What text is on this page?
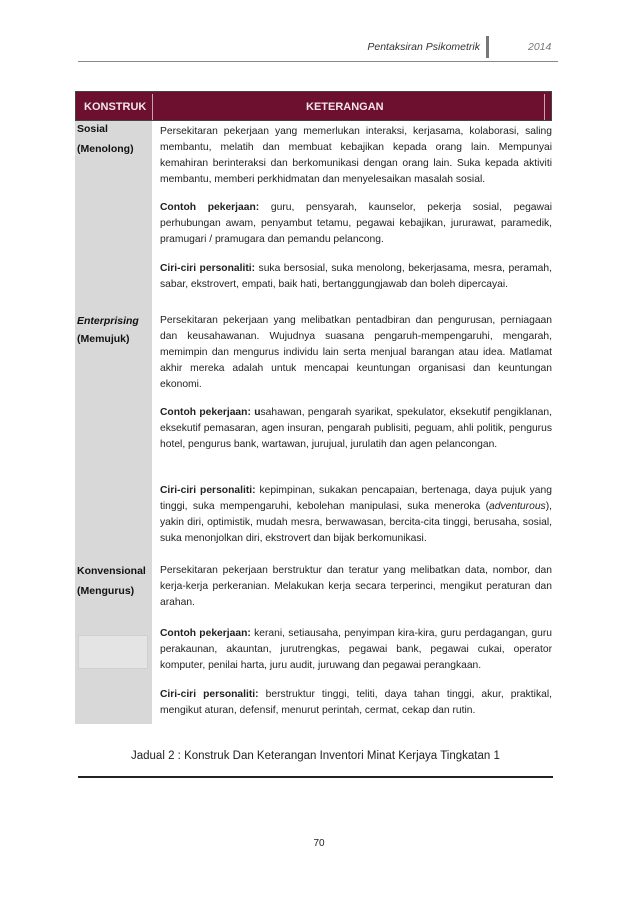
Pentaksiran Psikometrik	2014
KONSTRUK	KETERANGAN
Sosial
(Menolong)
Persekitaran pekerjaan yang memerlukan interaksi, kerjasama, kolaborasi, saling membantu, melatih dan membuat kebajikan kepada orang lain. Mempunyai kemahiran berinteraksi dan berkomunikasi dengan orang lain. Suka kepada aktiviti membantu, memberi perkhidmatan dan menyelesaikan masalah sosial.
Contoh pekerjaan: guru, pensyarah, kaunselor, pekerja sosial, pegawai perhubungan awam, penyambut tetamu, pegawai kebajikan, jururawat, paramedik, pramugari / pramugara dan pemandu pelancong.
Ciri-ciri personaliti: suka bersosial, suka menolong, bekerjasama, mesra, peramah, sabar, ekstrovert, empati, baik hati, bertanggungjawab dan boleh dipercayai.
Enterprising
(Memujuk)
Persekitaran pekerjaan yang melibatkan pentadbiran dan pengurusan, perniagaan dan keusahawanan. Wujudnya suasana pengaruh-mempengaruhi, mengarah, memimpin dan mengurus individu lain serta menjual barangan atau idea. Matlamat akhir mereka adalah untuk mencapai keuntungan organisasi dan keuntungan ekonomi.
Contoh pekerjaan: usahawan, pengarah syarikat, spekulator, eksekutif pengiklanan, eksekutif pemasaran, agen insuran, pengarah publisiti, peguam, ahli politik, pengurus hotel, pengurus bank, wartawan, jurujual, jurulatih dan agen pelancongan.
Ciri-ciri personaliti: kepimpinan, sukakan pencapaian, bertenaga, daya pujuk yang tinggi, suka mempengaruhi, kebolehan manipulasi, suka meneroka (adventurous), yakin diri, optimistik, mudah mesra, berwawasan, bercita-cita tinggi, berusaha, sosial, suka menonjolkan diri, ekstrovert dan bijak berkomunikasi.
Konvensional
(Mengurus)
Persekitaran pekerjaan berstruktur dan teratur yang melibatkan data, nombor, dan kerja-kerja perkeranian. Melakukan kerja secara terperinci, mengikut peraturan dan arahan.
Contoh pekerjaan: kerani, setiausaha, penyimpan kira-kira, guru perdagangan, guru perakaunan, akauntan, jurutrengkas, pegawai bank, pegawai cukai, operator komputer, penilai harta, juru audit, juruwang dan pegawai perangkaan.
Ciri-ciri personaliti: berstruktur tinggi, teliti, daya tahan tinggi, akur, praktikal, mengikut aturan, defensif, menurut perintah, cermat, cekap dan rutin.
Jadual 2 : Konstruk Dan Keterangan Inventori Minat Kerjaya Tingkatan 1
70
